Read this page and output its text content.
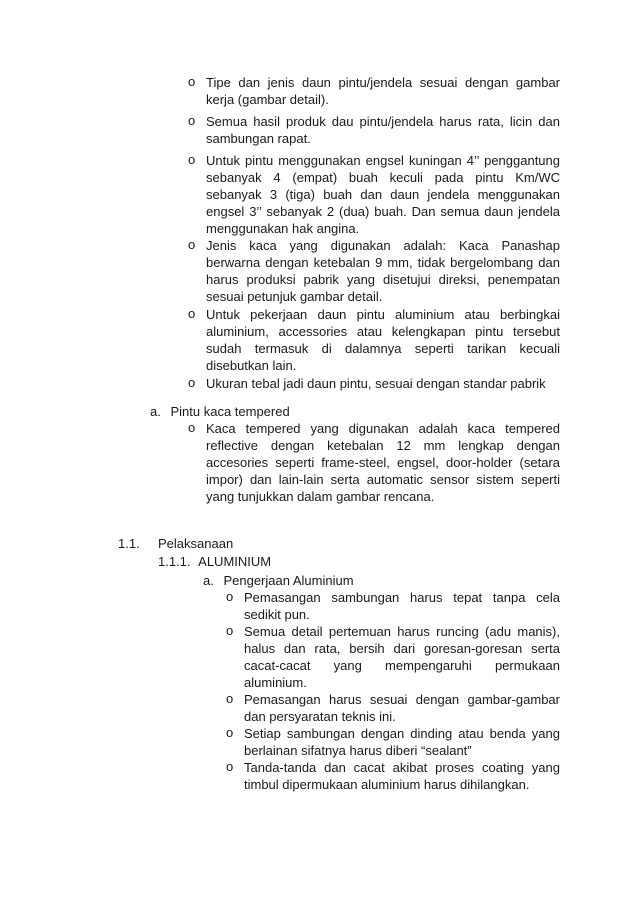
o Tipe dan jenis daun pintu/jendela sesuai dengan gambar kerja (gambar detail).
o Semua hasil produk dau pintu/jendela harus rata, licin dan sambungan rapat.
o Untuk pintu menggunakan engsel kuningan 4’’ penggantung sebanyak 4 (empat) buah keculi pada pintu Km/WC sebanyak 3 (tiga) buah dan daun jendela menggunakan engsel 3’’ sebanyak 2 (dua) buah. Dan semua daun jendela menggunakan hak angina.
o Jenis kaca yang digunakan adalah: Kaca Panashap berwarna dengan ketebalan 9 mm, tidak bergelombang dan harus produksi pabrik yang disetujui direksi, penempatan sesuai petunjuk gambar detail.
o Untuk pekerjaan daun pintu aluminium atau berbingkai aluminium, accessories atau kelengkapan pintu tersebut sudah termasuk di dalamnya seperti tarikan kecuali disebutkan lain.
o Ukuran tebal jadi daun pintu, sesuai dengan standar pabrik
a. Pintu kaca tempered
o Kaca tempered yang digunakan adalah kaca tempered reflective dengan ketebalan 12 mm lengkap dengan accesories seperti frame-steel, engsel, door-holder (setara impor) dan lain-lain serta automatic sensor sistem seperti yang tunjukkan dalam gambar rencana.
1.1. Pelaksanaan
1.1.1. ALUMINIUM
a. Pengerjaan Aluminium
o Pemasangan sambungan harus tepat tanpa cela sedikit pun.
o Semua detail pertemuan harus runcing (adu manis), halus dan rata, bersih dari goresan-goresan serta cacat-cacat yang mempengaruhi permukaan aluminium.
o Pemasangan harus sesuai dengan gambar-gambar dan persyaratan teknis ini.
o Setiap sambungan dengan dinding atau benda yang berlainan sifatnya harus diberi “sealant”
o Tanda-tanda dan cacat akibat proses coating yang timbul dipermukaan aluminium harus dihilangkan.
